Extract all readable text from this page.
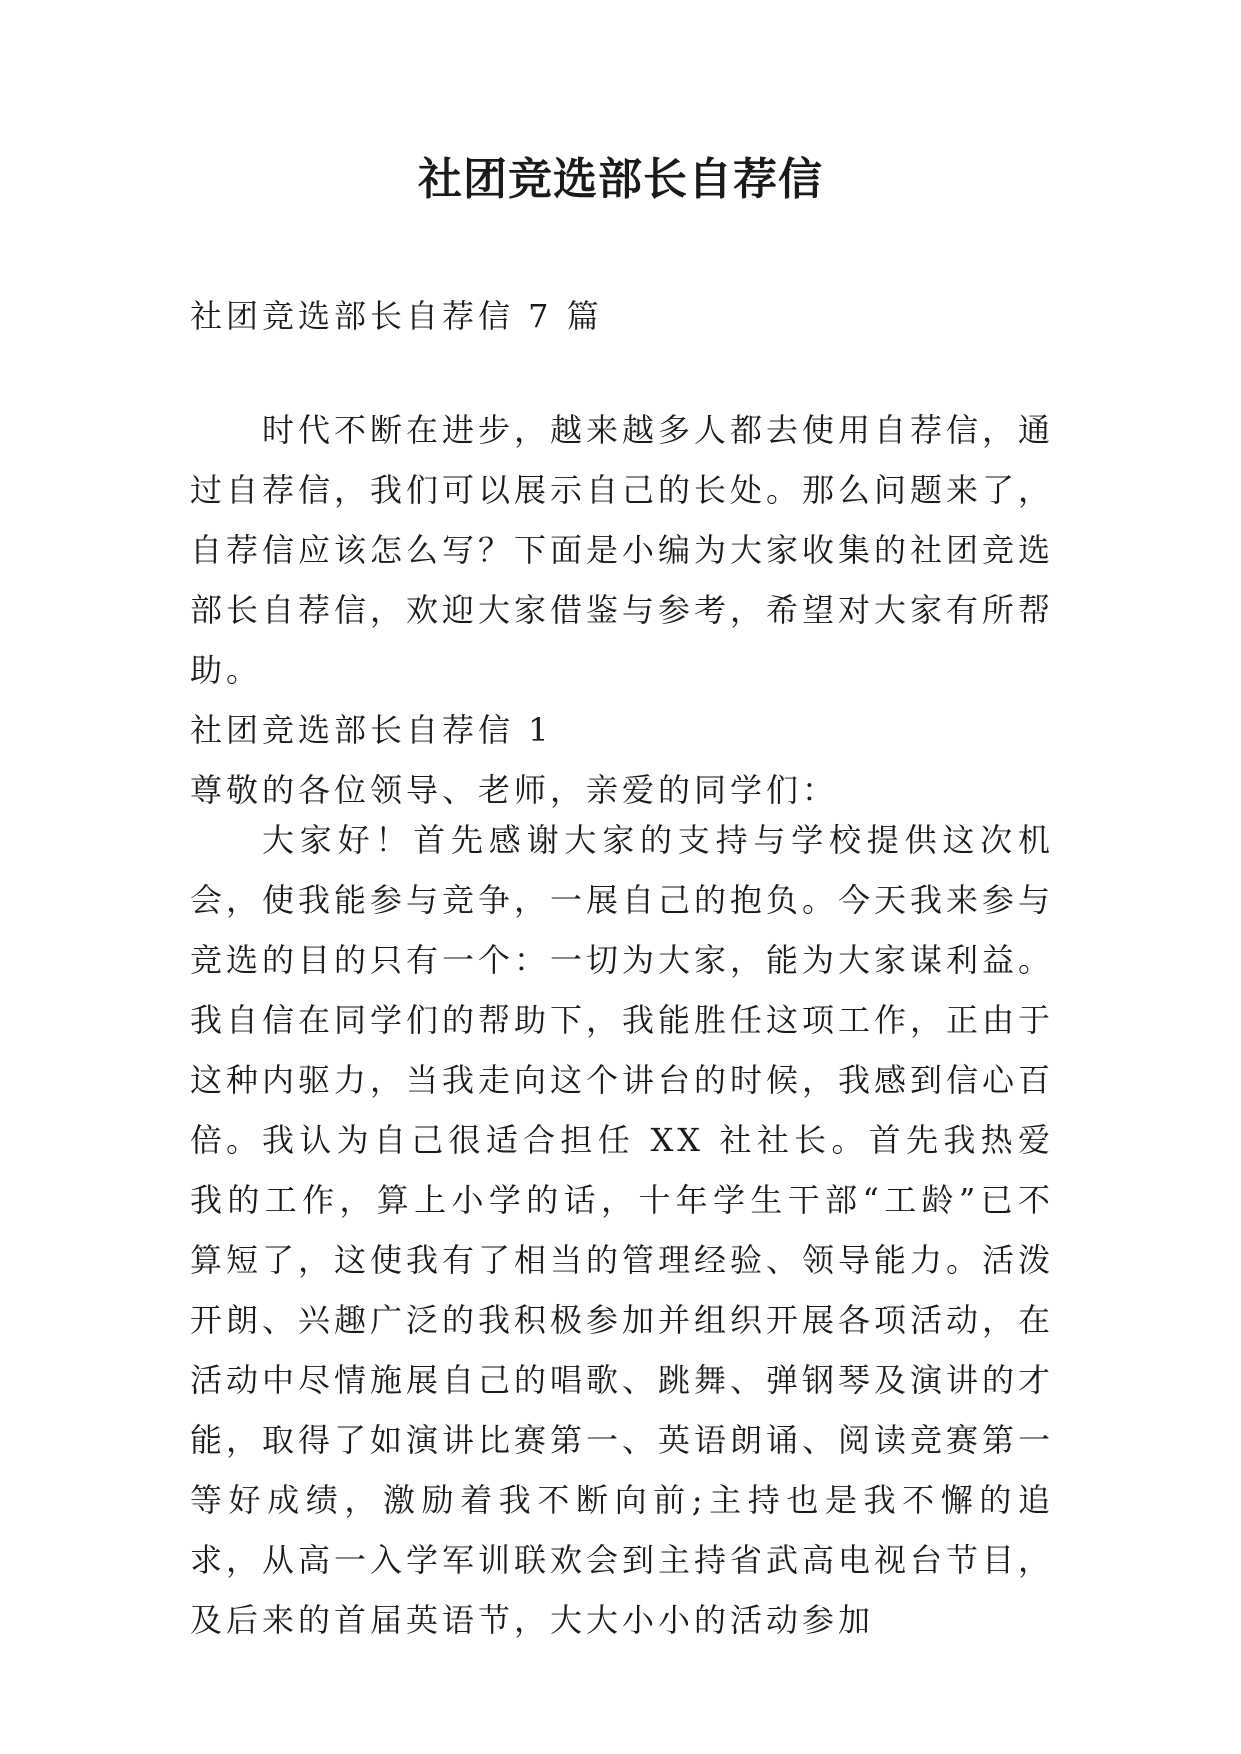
社团竞选部长自荐信

社团竞选部长自荐信 7 篇

时代不断在进步，越来越多人都去使用自荐信，通过自荐信，我们可以展示自己的长处。那么问题来了，自荐信应该怎么写？下面是小编为大家收集的社团竞选部长自荐信，欢迎大家借鉴与参考，希望对大家有所帮助。

社团竞选部长自荐信 1

尊敬的各位领导、老师，亲爱的同学们：

大家好！首先感谢大家的支持与学校提供这次机会，使我能参与竞争，一展自己的抱负。今天我来参与竞选的目的只有一个：一切为大家，能为大家谋利益。我自信在同学们的帮助下，我能胜任这项工作，正由于这种内驱力，当我走向这个讲台的时候，我感到信心百倍。 我认为自己很适合担任 XX 社社长。首先我热爱我的工作，算上小学的话，十年学生干部“工龄”已不算短了，这使我有了相当的管理经验、领导能力。活泼开朗、兴趣广泛的我积极参加并组织开展各项活动，在活动中尽情施展自己的唱歌、跳舞、弹钢琴及演讲的才能，取得了如演讲比赛第一、英语朗诵、阅读竞赛第一等好成绩，激励着我不断向前;主持也是我不懈的追求，从高一入学军训联欢会到主持省武高电视台节目，及后来的首届英语节，大大小小的活动参加
